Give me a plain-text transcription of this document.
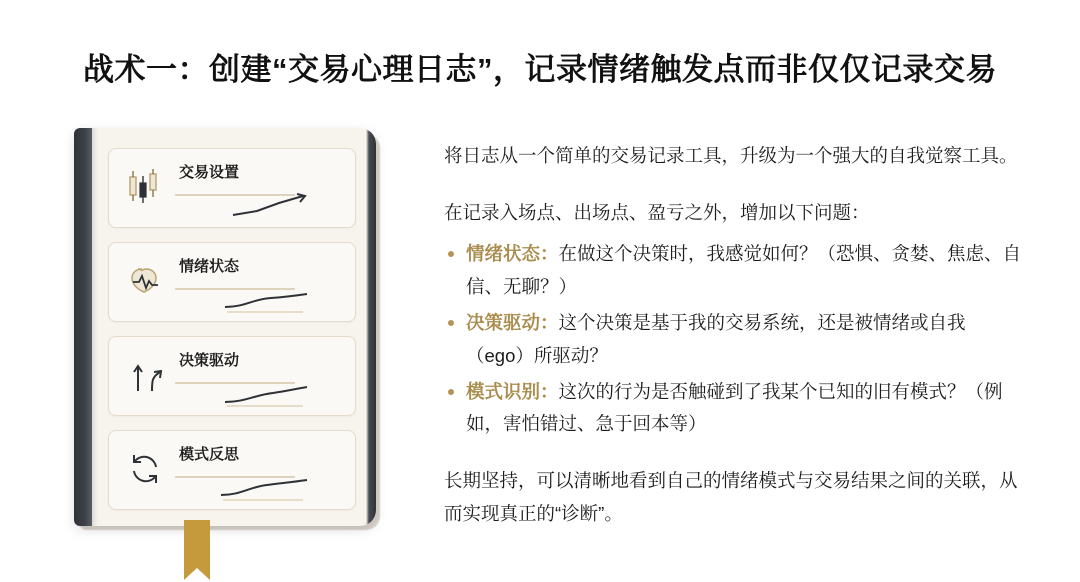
战术一：创建“交易心理日志”，记录情绪触发点而非仅仅记录交易
交易设置
情绪状态
决策驱动
模式反思

将日志从一个简单的交易记录工具，升级为一个强大的自我觉察工具。

在记录入场点、出场点、盈亏之外，增加以下问题：

情绪状态：在做这个决策时，我感觉如何？（恐惧、贪婪、焦虑、自信、无聊？）
决策驱动：这个决策是基于我的交易系统，还是被情绪或自我（ego）所驱动？
模式识别：这次的行为是否触碰到了我某个已知的旧有模式？（例如，害怕错过、急于回本等）

长期坚持，可以清晰地看到自己的情绪模式与交易结果之间的关联，从而实现真正的“诊断”。
